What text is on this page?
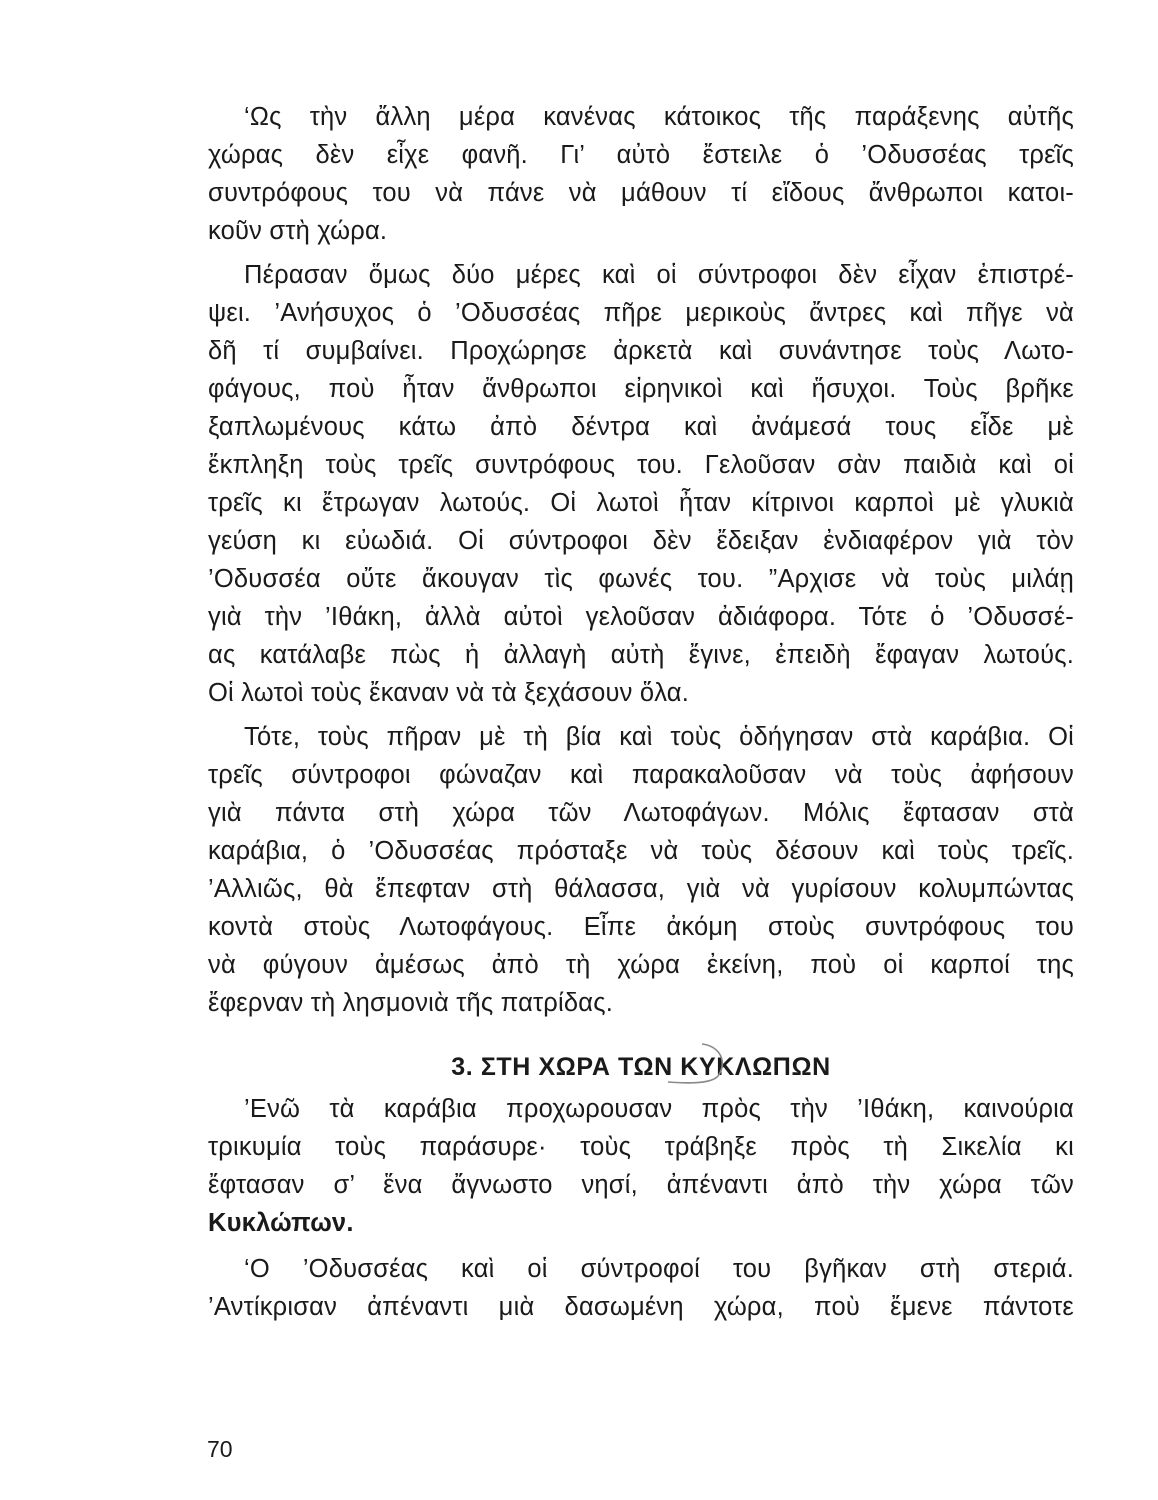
‘Ως τὴν ἄλλη μέρα κανένας κάτοικος τῆς παράξενης αὐτῆς
χώρας δὲν εἶχε φανῆ. Γι’ αὐτὸ ἔστειλε ὁ ’Οδυσσέας τρεῖς
συντρόφους του νὰ πάνε νὰ μάθουν τί εἴδους ἄνθρωποι κατοι-
κοῦν στὴ χώρα.
Πέρασαν ὅμως δύο μέρες καὶ οἱ σύντροφοι δὲν εἶχαν ἐπιστρέ-
ψει. ’Ανήσυχος ὁ ’Οδυσσέας πῆρε μερικοὺς ἄντρες καὶ πῆγε νὰ
δῆ τί συμβαίνει. Προχώρησε ἀρκετὰ καὶ συνάντησε τοὺς Λωτο-
φάγους, ποὺ ἦταν ἄνθρωποι εἰρηνικοὶ καὶ ἥσυχοι. Τοὺς βρῆκε
ξαπλωμένους κάτω ἀπὸ δέντρα καὶ ἀνάμεσά τους εἶδε μὲ
ἔκπληξη τοὺς τρεῖς συντρόφους του. Γελοῦσαν σὰν παιδιὰ καὶ οἱ
τρεῖς κι ἔτρωγαν λωτούς. Οἱ λωτοὶ ἦταν κίτρινοι καρποὶ μὲ γλυκιὰ
γεύση κι εὐωδιά. Οἱ σύντροφοι δὲν ἔδειξαν ἐνδιαφέρον γιὰ τὸν
’Οδυσσέα οὔτε ἄκουγαν τὶς φωνές του. ”Αρχισε νὰ τοὺς μιλάῃ
γιὰ τὴν ’Ιθάκη, ἀλλὰ αὐτοὶ γελοῦσαν ἀδιάφορα. Τότε ὁ ’Οδυσσέ-
ας κατάλαβε πὼς ἡ ἀλλαγὴ αὐτὴ ἔγινε, ἐπειδὴ ἔφαγαν λωτούς.
Οἱ λωτοὶ τοὺς ἔκαναν νὰ τὰ ξεχάσουν ὅλα.
Τότε, τοὺς πῆραν μὲ τὴ βία καὶ τοὺς ὁδήγησαν στὰ καράβια. Οἱ
τρεῖς σύντροφοι φώναζαν καὶ παρακαλοῦσαν νὰ τοὺς ἀφήσουν
γιὰ πάντα στὴ χώρα τῶν Λωτοφάγων. Μόλις ἔφτασαν στὰ
καράβια, ὁ ’Οδυσσέας πρόσταξε νὰ τοὺς δέσουν καὶ τοὺς τρεῖς.
’Αλλιῶς, θὰ ἔπεφταν στὴ θάλασσα, γιὰ νὰ γυρίσουν κολυμπώντας
κοντὰ στοὺς Λωτοφάγους. Εἶπε ἀκόμη στοὺς συντρόφους του
νὰ φύγουν ἀμέσως ἀπὸ τὴ χώρα ἐκείνη, ποὺ οἱ καρποί της
ἔφερναν τὴ λησμονιὰ τῆς πατρίδας.
3. ΣΤΗ ΧΩΡΑ ΤΩΝ ΚΥΚΛΩΠΩΝ
’Ενῶ τὰ καράβια προχωρουσαν πρὸς τὴν ’Ιθάκη, καινούρια
τρικυμία τοὺς παράσυρε· τοὺς τράβηξε πρὸς τὴ Σικελία κι
ἔφτασαν σ’ ἕνα ἄγνωστο νησί, ἀπέναντι ἀπὸ τὴν χώρα τῶν
Κυκλώπων.
‘Ο ’Οδυσσέας καὶ οἱ σύντροφοί του βγῆκαν στὴ στεριά.
’Αντίκρισαν ἀπέναντι μιὰ δασωμένη χώρα, ποὺ ἔμενε πάντοτε
70
